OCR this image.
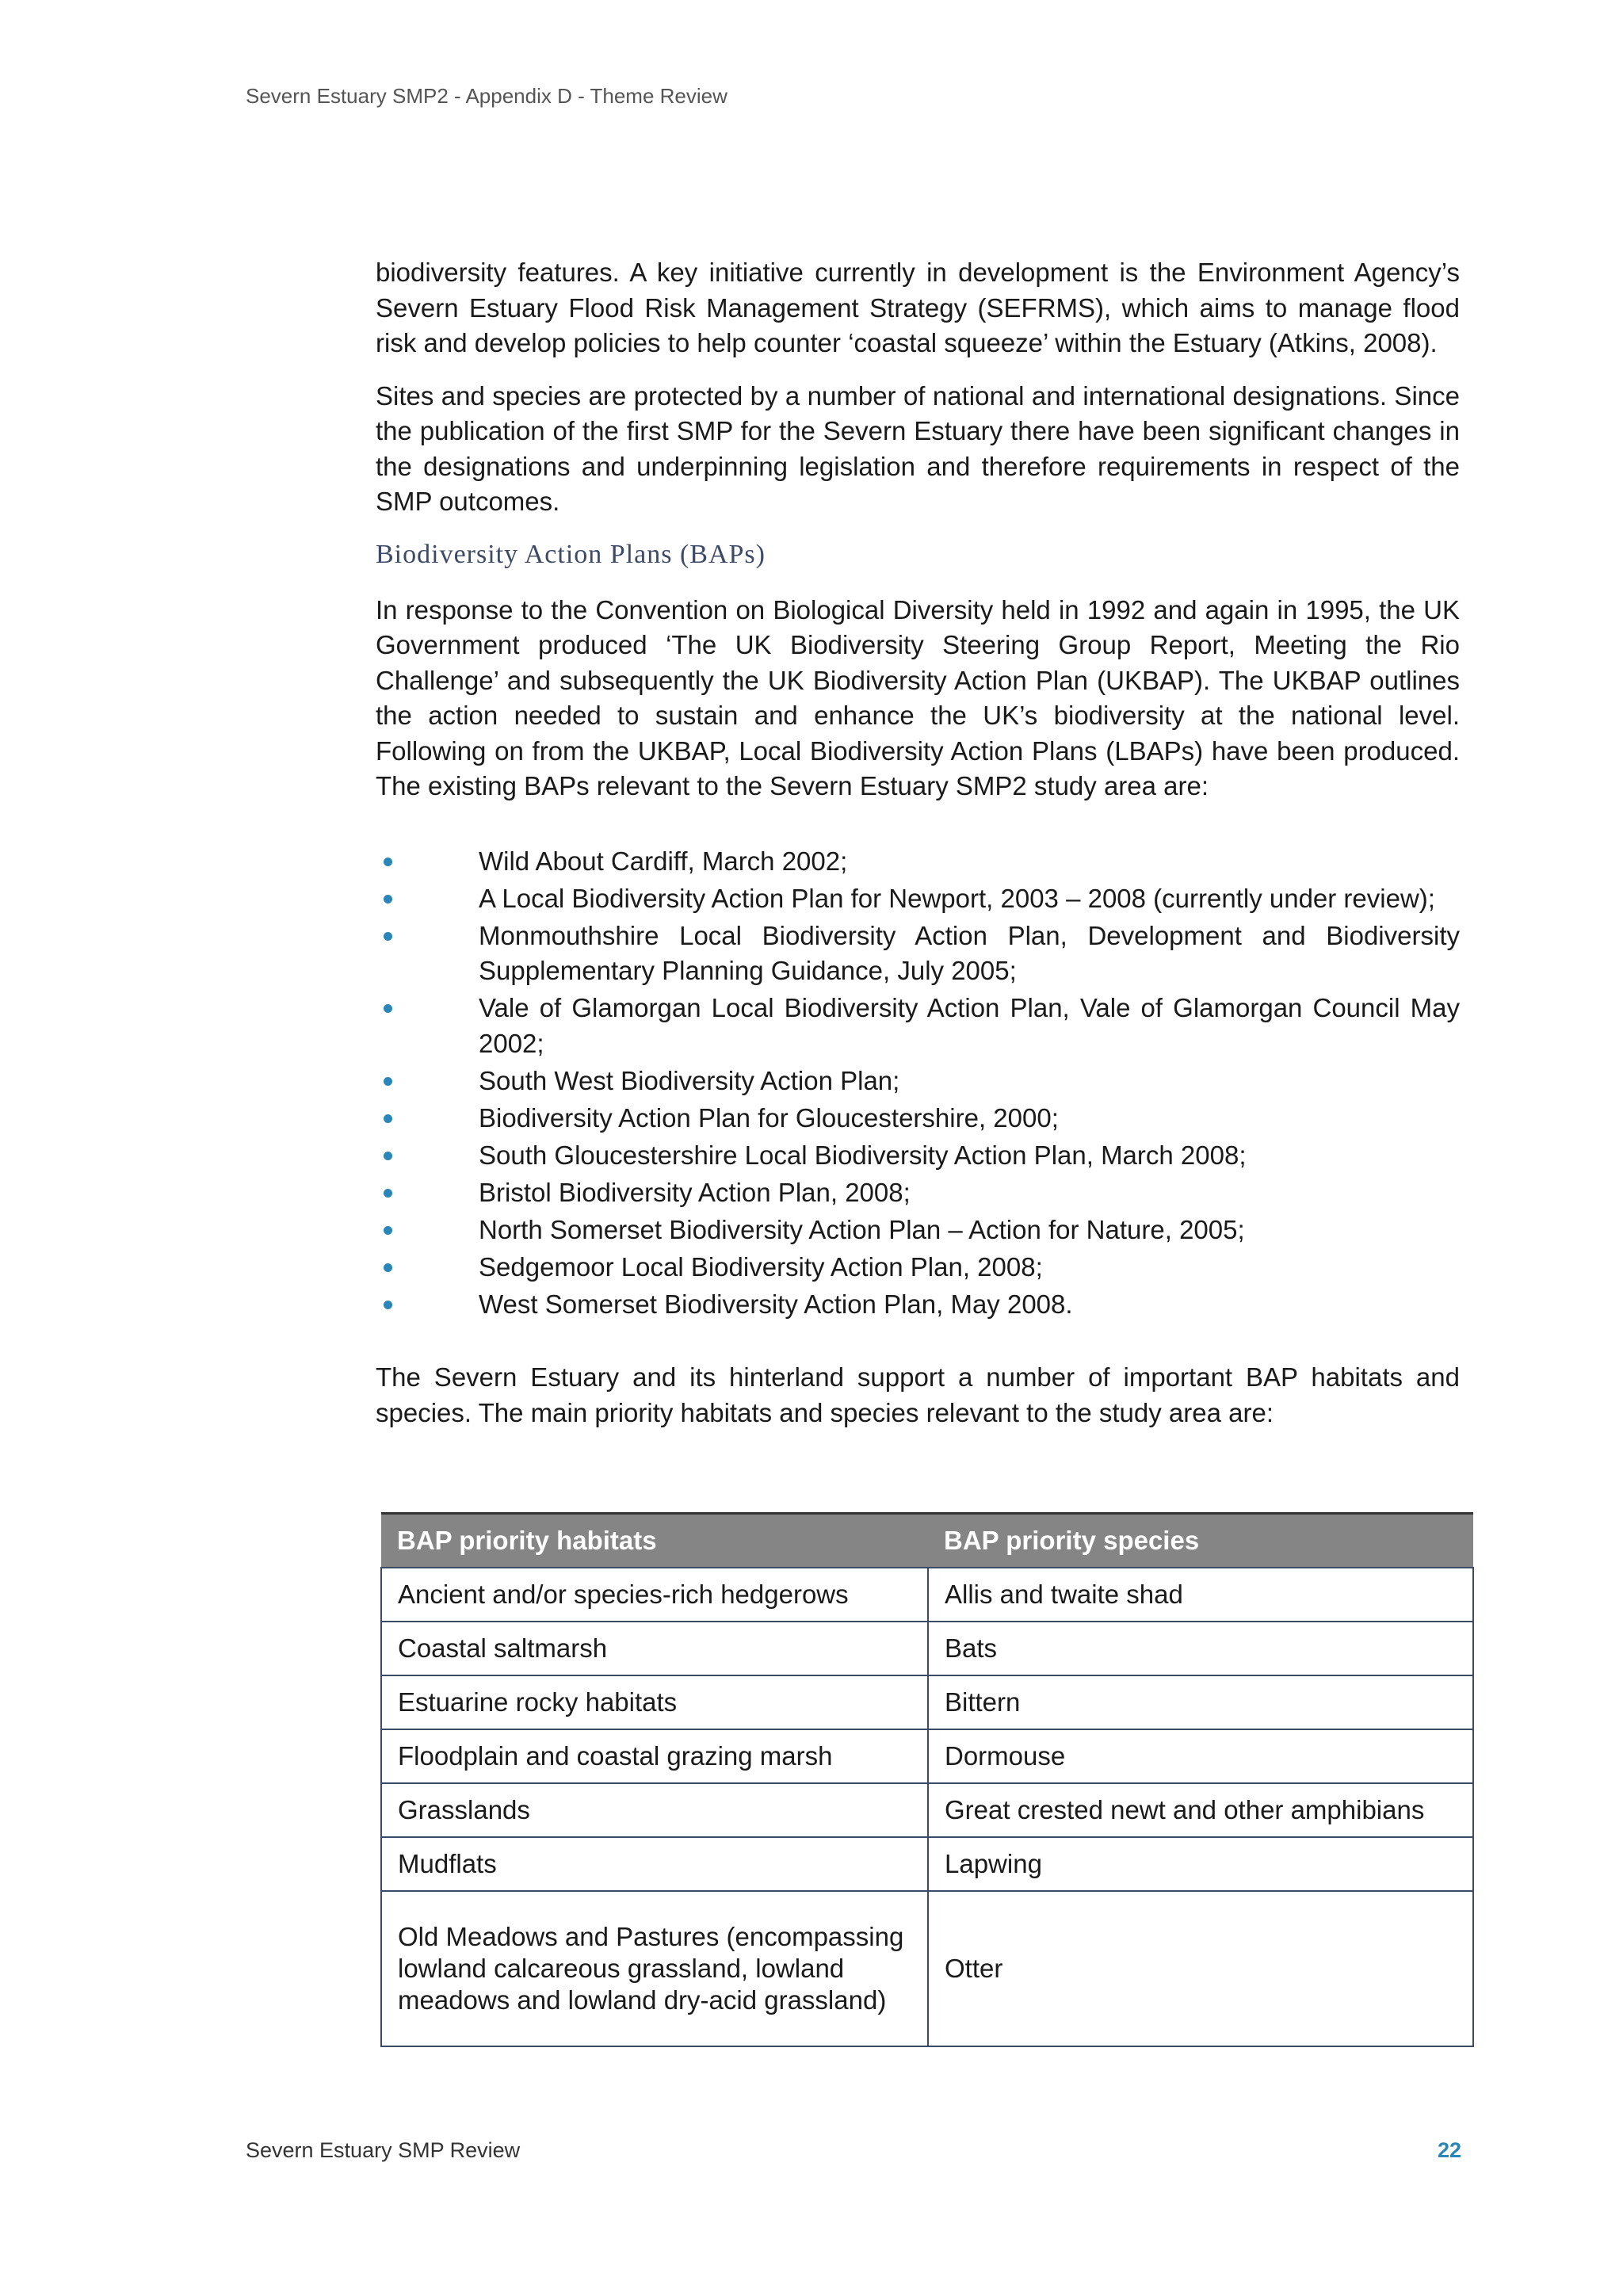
Severn Estuary SMP2 - Appendix D - Theme Review

biodiversity features. A key initiative currently in development is the Environment Agency’s Severn Estuary Flood Risk Management Strategy (SEFRMS), which aims to manage flood risk and develop policies to help counter ‘coastal squeeze’ within the Estuary (Atkins, 2008).

Sites and species are protected by a number of national and international designations. Since the publication of the first SMP for the Severn Estuary there have been significant changes in the designations and underpinning legislation and therefore requirements in respect of the SMP outcomes.

Biodiversity Action Plans (BAPs)

In response to the Convention on Biological Diversity held in 1992 and again in 1995, the UK Government produced ‘The UK Biodiversity Steering Group Report, Meeting the Rio Challenge’ and subsequently the UK Biodiversity Action Plan (UKBAP). The UKBAP outlines the action needed to sustain and enhance the UK’s biodiversity at the national level. Following on from the UKBAP, Local Biodiversity Action Plans (LBAPs) have been produced. The existing BAPs relevant to the Severn Estuary SMP2 study area are:

Wild About Cardiff, March 2002;
A Local Biodiversity Action Plan for Newport, 2003 – 2008 (currently under review);
Monmouthshire Local Biodiversity Action Plan, Development and Biodiversity Supplementary Planning Guidance, July 2005;
Vale of Glamorgan Local Biodiversity Action Plan, Vale of Glamorgan Council May 2002;
South West Biodiversity Action Plan;
Biodiversity Action Plan for Gloucestershire, 2000;
South Gloucestershire Local Biodiversity Action Plan, March 2008;
Bristol Biodiversity Action Plan, 2008;
North Somerset Biodiversity Action Plan – Action for Nature, 2005;
Sedgemoor Local Biodiversity Action Plan, 2008;
West Somerset Biodiversity Action Plan, May 2008.

The Severn Estuary and its hinterland support a number of important BAP habitats and species. The main priority habitats and species relevant to the study area are:

BAP priority habitats	BAP priority species
Ancient and/or species-rich hedgerows	Allis and twaite shad
Coastal saltmarsh	Bats
Estuarine rocky habitats	Bittern
Floodplain and coastal grazing marsh	Dormouse
Grasslands	Great crested newt and other amphibians
Mudflats	Lapwing
Old Meadows and Pastures (encompassing lowland calcareous grassland, lowland meadows and lowland dry-acid grassland)	Otter
Severn Estuary SMP Review	22
